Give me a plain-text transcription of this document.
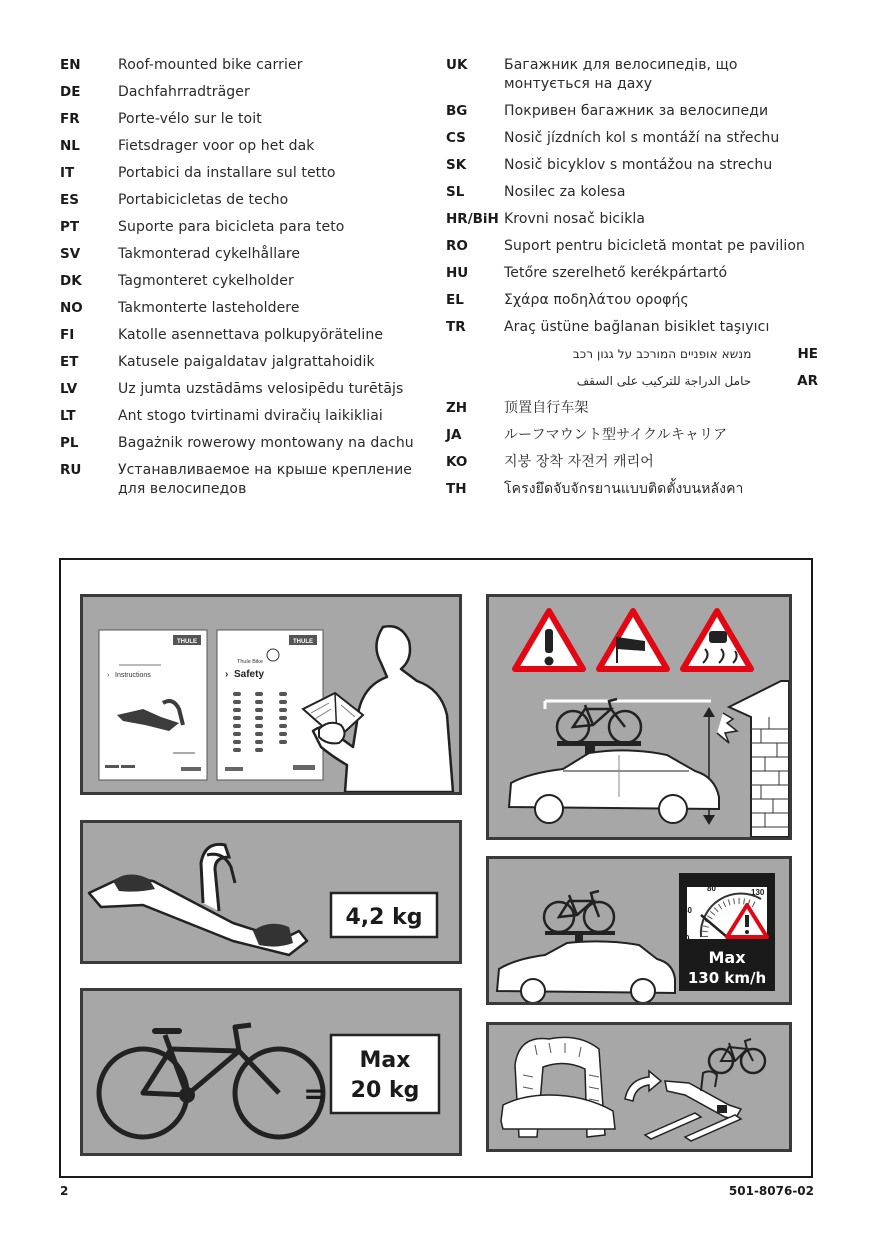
EN	Roof-mounted bike carrier
DE	Dachfahrradträger
FR	Porte-vélo sur le toit
NL	Fietsdrager voor op het dak
IT	Portabici da installare sul tetto
ES	Portabicicletas de techo
PT	Suporte para bicicleta para teto
SV	Takmonterad cykelhållare
DK	Tagmonteret cykelholder
NO	Takmonterte lasteholdere
FI	Katolle asennettava polkupyöräteline
ET	Katusele paigaldatav jalgrattahoidik
LV	Uz jumta uzstādāms velosipēdu turētājs
LT	Ant stogo tvirtinami dviračių laikikliai
PL	Bagażnik rowerowy montowany na dachu
RU	Устанавливаемое на крыше крепление для велосипедов
UK	Багажник для велосипедів, що монтується на даху
BG	Покривен багажник за велосипеди
CS	Nosič jízdních kol s montáží na střechu
SK	Nosič bicyklov s montážou na strechu
SL	Nosilec za kolesa
HR/BiH Krovni nosač bicikla
RO	Suport pentru bicicletă montat pe pavilion
HU	Tetőre szerelhető kerékpártartó
EL	Σχάρα ποδηλάτου οροφής
TR	Araç üstüne bağlanan bisiklet taşıyıcı
מנשא אופניים המורכב על גגון רכב	HE
حامل الدراجة للتركيب على السقف	AR
ZH	顶置自行车架
JA	ルーフマウント型サイクルキャリア
KO	지붕 장착 자전거 캐리어
TH	โครงยึดจับจักรยานแบบติดตั้งบนหลังคา
THULE
› Instructions
THULE
Thule Bike
› Safety
4,2 kg
0
40
80	130
Max
130 km/h
=
Max
20 kg
2	501-8076-02
